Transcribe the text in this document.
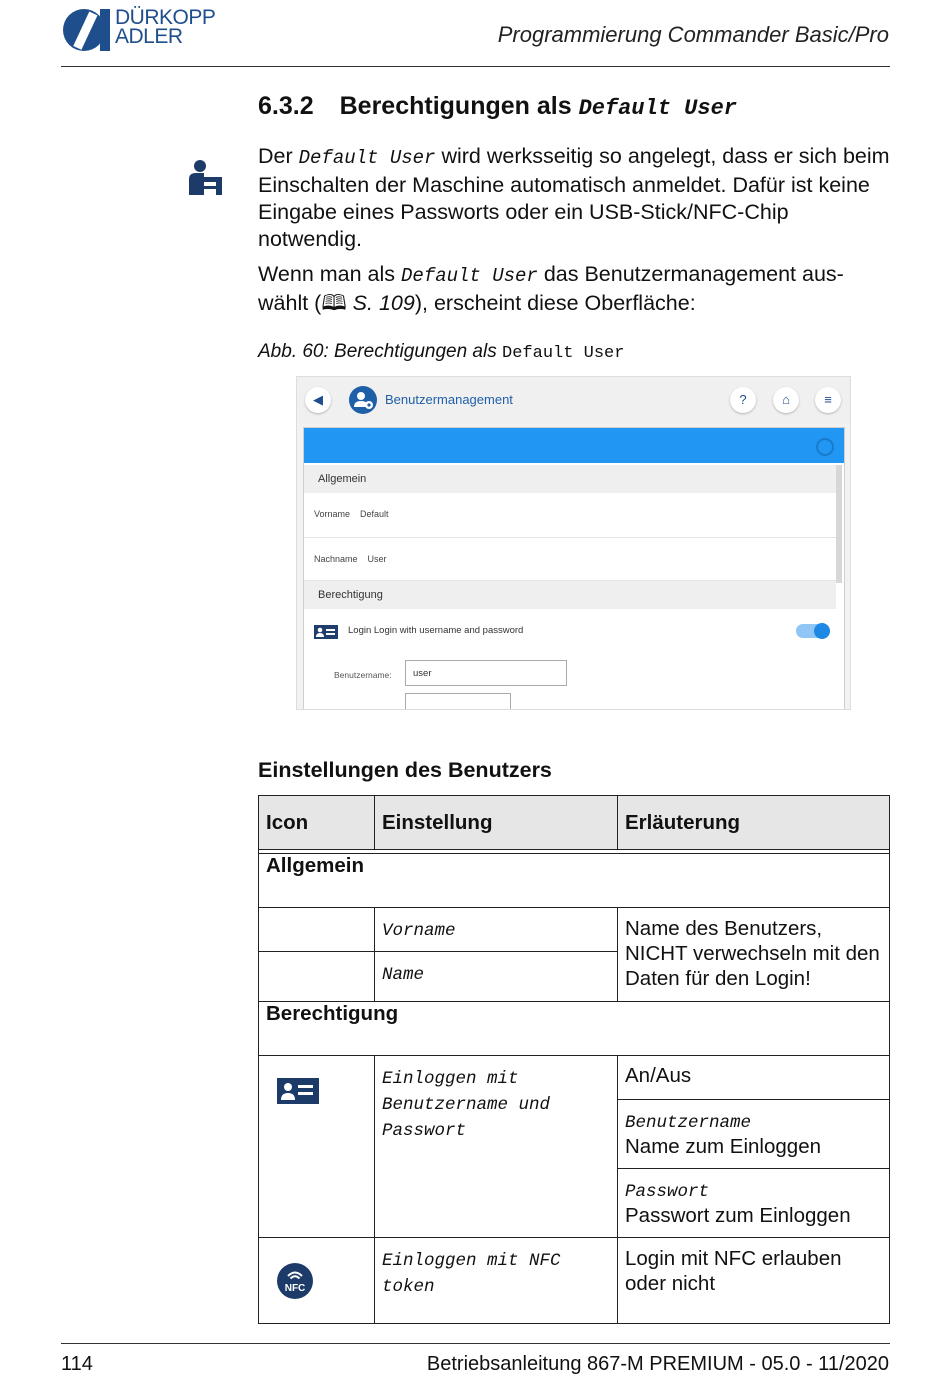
DÜRKOPP
ADLER	Programmierung Commander Basic/Pro
6.3.2 Berechtigungen als Default User
Der Default User wird werksseitig so angelegt, dass er sich beim Einschalten der Maschine automatisch anmeldet. Dafür ist keine Eingabe eines Passworts oder ein USB-Stick/NFC-Chip notwendig.
Wenn man als Default User das Benutzermanagement aus-
wählt (🕮 S. 109), erscheint diese Oberfläche:
Abb. 60: Berechtigungen als Default User
◀	Benutzermanagement	?	⌂	≡
Allgemein
Vorname Default
Nachname User
Berechtigung
Login Login with username and password
Benutzername:	user
Einstellungen des Benutzers
Icon	Einstellung	Erläuterung

Allgemein		
	Vorname	Name des Benutzers, NICHT verwechseln mit den Daten für den Login!
	Name	
Berechtigung		
	Einloggen mit Benutzername und Passwort	An/Aus
		Benutzername
Name zum Einloggen
		Passwort
Passwort zum Einloggen

NFC	Einloggen mit NFC token	Login mit NFC erlauben oder nicht
114	Betriebsanleitung 867-M PREMIUM - 05.0 - 11/2020
